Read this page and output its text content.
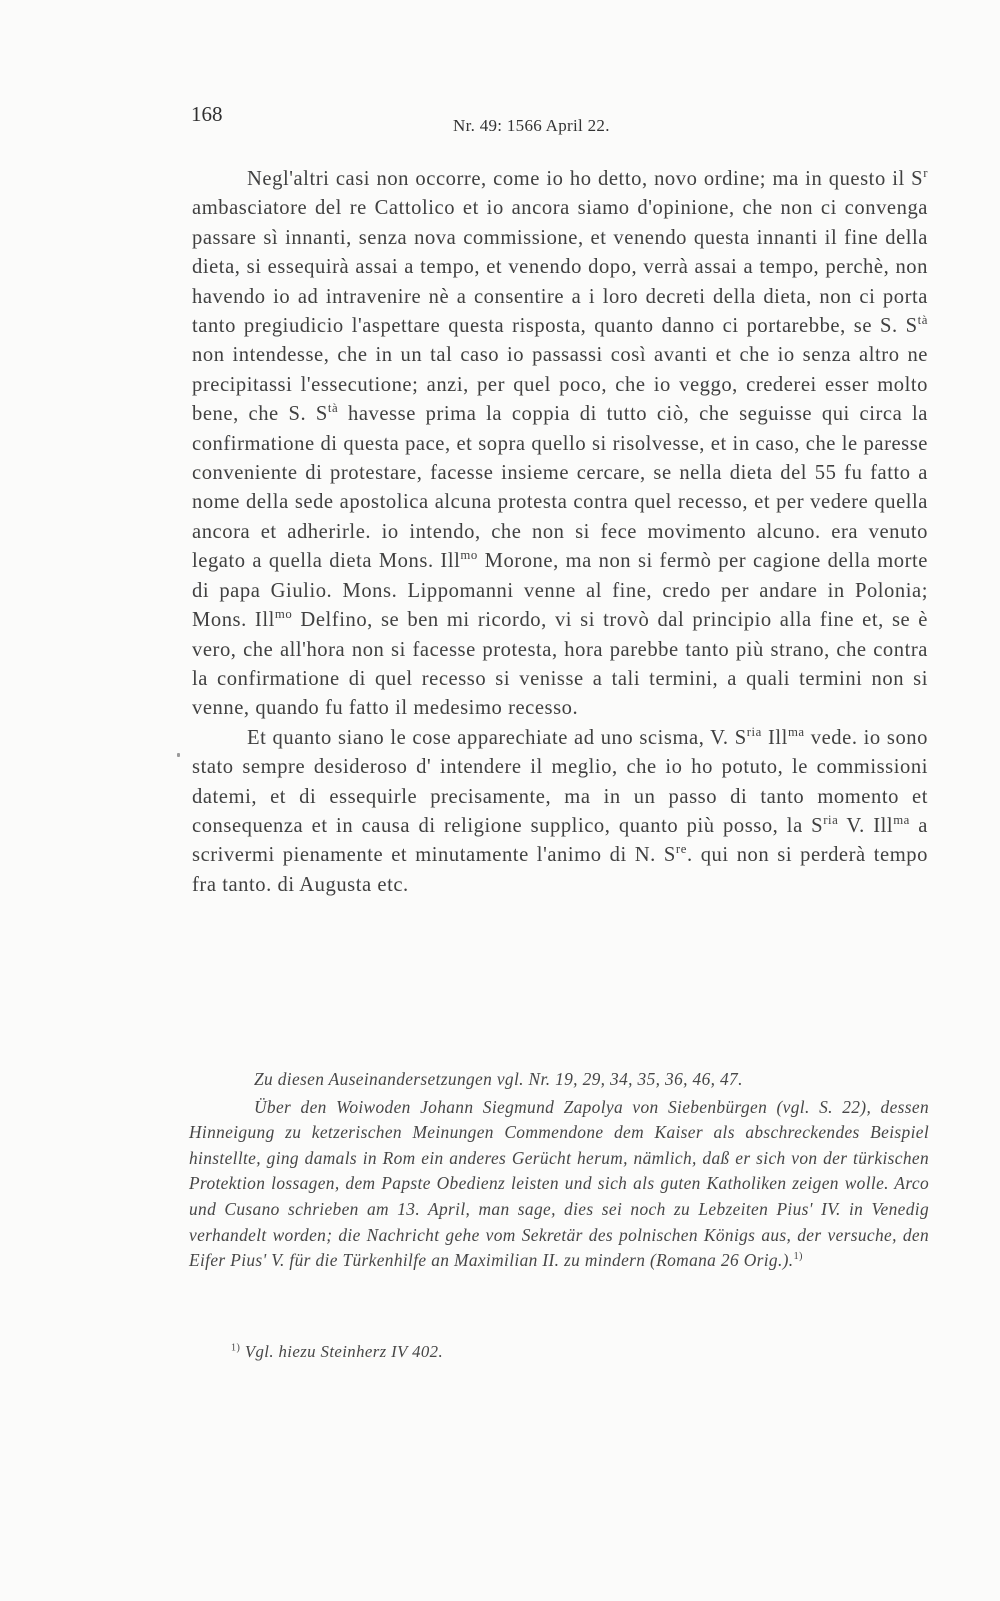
168	Nr. 49: 1566 April 22.

Negl'altri casi non occorre, come io ho detto, novo ordine; ma in questo il $S^r$ ambasciatore del re Cattolico et io ancora siamo d'opinione, che non ci convenga passare sì innanti, senza nova commissione, et venendo questa innanti il fine della dieta, si essequirà assai a tempo, et venendo dopo, verrà assai a tempo, perchè, non havendo io ad intravenire nè a consentire a i loro decreti della dieta, non ci porta tanto pregiudicio l'aspettare questa risposta, quanto danno ci portarebbe, se S. $S^{tà}$ non intendesse, che in un tal caso io passassi così avanti et che io senza altro ne precipitassi l'essecutione; anzi, per quel poco, che io veggo, crederei esser molto bene, che S. $S^{tà}$ havesse prima la coppia di tutto ciò, che seguisse qui circa la confirmatione di questa pace, et sopra quello si risolvesse, et in caso, che le paresse conveniente di protestare, facesse insieme cercare, se nella dieta del 55 fu fatto a nome della sede apostolica alcuna protesta contra quel recesso, et per vedere quella ancora et adherirle. io intendo, che non si fece movimento alcuno. era venuto legato a quella dieta Mons. Ill$^{mo}$ Morone, ma non si fermò per cagione della morte di papa Giulio. Mons. Lippomanni venne al fine, credo per andare in Polonia; Mons. Ill$^{mo}$ Delfino, se ben mi ricordo, vi si trovò dal principio alla fine et, se è vero, che all'hora non si facesse protesta, hora parebbe tanto più strano, che contra la confirmatione di quel recesso si venisse a tali termini, a quali termini non si venne, quando fu fatto il medesimo recesso.

Et quanto siano le cose apparechiate ad uno scisma, V. $S^{ria}$ Ill$^{ma}$ vede. io sono stato sempre desideroso d' intendere il meglio, che io ho potuto, le commissioni datemi, et di essequirle precisamente, ma in un passo di tanto momento et consequenza et in causa di religione supplico, quanto più posso, la $S^{ria}$ V. Ill$^{ma}$ a scrivermi pienamente et minutamente l'animo di N. $S^{re}$. qui non si perderà tempo fra tanto. di Augusta etc.

Zu diesen Auseinandersetzungen vgl. Nr. 19, 29, 34, 35, 36, 46, 47.

Über den Woiwoden Johann Siegmund Zapolya von Siebenbürgen (vgl. S. 22), dessen Hinneigung zu ketzerischen Meinungen Commendone dem Kaiser als abschreckendes Beispiel hinstellte, ging damals in Rom ein anderes Gerücht herum, nämlich, daß er sich von der türkischen Protektion lossagen, dem Papste Obedienz leisten und sich als guten Katholiken zeigen wolle. Arco und Cusano schrieben am 13. April, man sage, dies sei noch zu Lebzeiten Pius' IV. in Venedig verhandelt worden; die Nachricht gehe vom Sekretär des polnischen Königs aus, der versuche, den Eifer Pius' V. für die Türkenhilfe an Maximilian II. zu mindern (Romana 26 Orig.).$^{1)}$

$^{1)}$ Vgl. hiezu Steinherz IV 402.
